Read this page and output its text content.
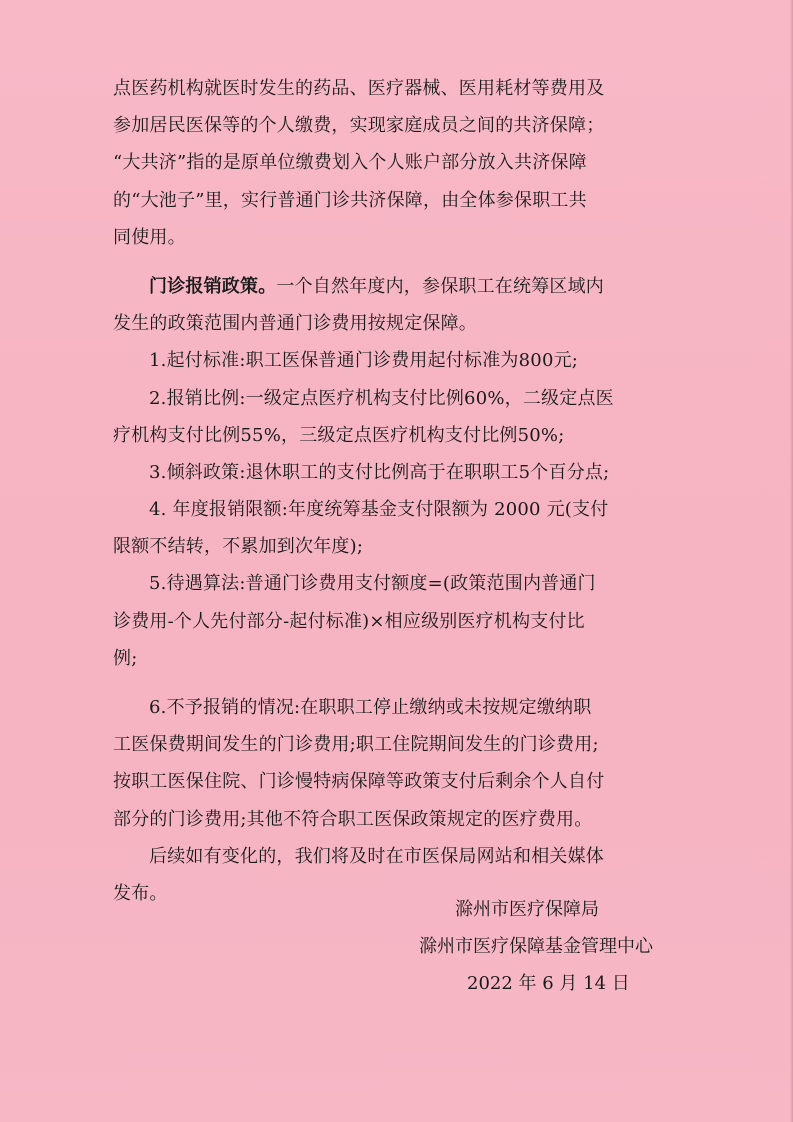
点医药机构就医时发生的药品、医疗器械、医用耗材等费用及
参加居民医保等的个人缴费，实现家庭成员之间的共济保障；
“大共济”指的是原单位缴费划入个人账户部分放入共济保障
的“大池子”里，实行普通门诊共济保障，由全体参保职工共
同使用。
门诊报销政策。一个自然年度内，参保职工在统筹区域内
发生的政策范围内普通门诊费用按规定保障。
1.起付标准:职工医保普通门诊费用起付标准为800元;
2.报销比例:一级定点医疗机构支付比例60%，二级定点医
疗机构支付比例55%，三级定点医疗机构支付比例50%;
3.倾斜政策:退休职工的支付比例高于在职职工5个百分点;
4. 年度报销限额:年度统筹基金支付限额为 2000 元(支付
限额不结转，不累加到次年度);
5.待遇算法:普通门诊费用支付额度=(政策范围内普通门
诊费用-个人先付部分-起付标准)×相应级别医疗机构支付比
例;
6.不予报销的情况:在职职工停止缴纳或未按规定缴纳职
工医保费期间发生的门诊费用;职工住院期间发生的门诊费用;
按职工医保住院、门诊慢特病保障等政策支付后剩余个人自付
部分的门诊费用;其他不符合职工医保政策规定的医疗费用。
后续如有变化的，我们将及时在市医保局网站和相关媒体
发布。
滁州市医疗保障局
滁州市医疗保障基金管理中心
2022 年 6 月 14 日
